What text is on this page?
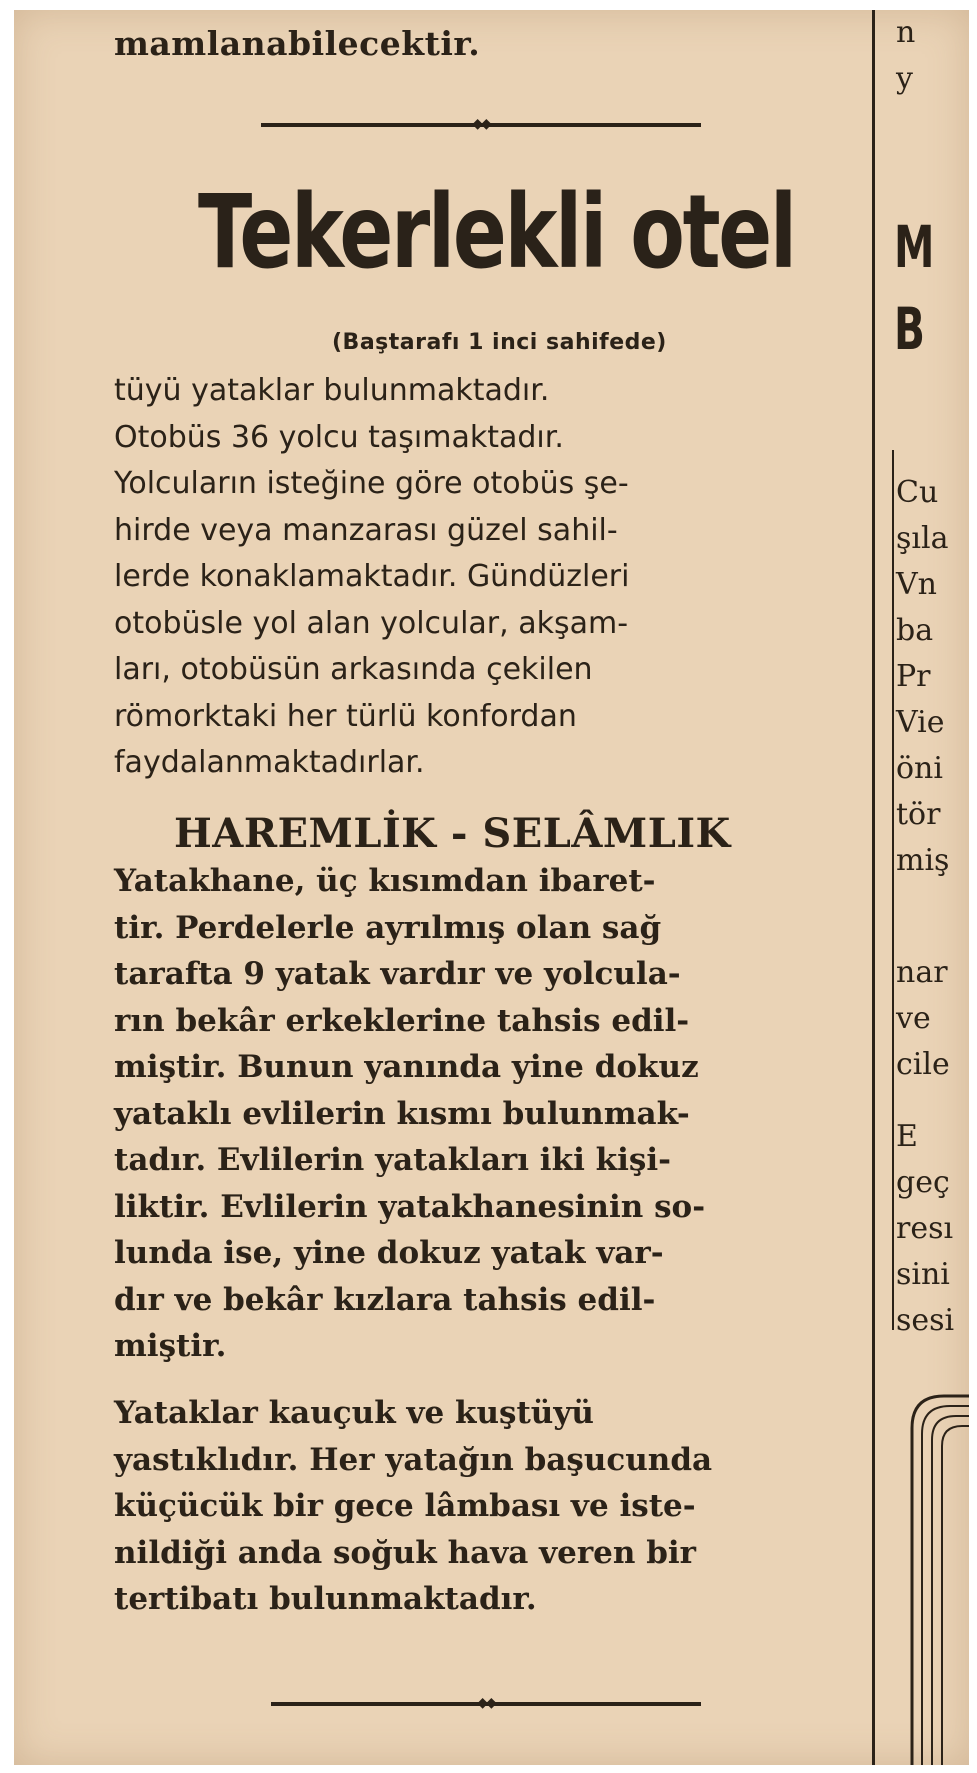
mamlanabilecektir.
◆◆
Tekerlekli otel
(Baştarafı 1 inci sahifede)
tüyü yataklar bulunmaktadır.
Otobüs 36 yolcu taşımaktadır.
Yolcuların isteğine göre otobüs şe-
hirde veya manzarası güzel sahil-
lerde konaklamaktadır. Gündüzleri
otobüsle yol alan yolcular, akşam-
ları, otobüsün arkasında çekilen
römorktaki her türlü konfordan
faydalanmaktadırlar.
HAREMLİK - SELÂMLIK
Yatakhane, üç kısımdan ibaret-
tir. Perdelerle ayrılmış olan sağ
tarafta 9 yatak vardır ve yolcula-
rın bekâr erkeklerine tahsis edil-
miştir. Bunun yanında yine dokuz
yataklı evlilerin kısmı bulunmak-
tadır. Evlilerin yatakları iki kişi-
liktir. Evlilerin yatakhanesinin so-
lunda ise, yine dokuz yatak var-
dır ve bekâr kızlara tahsis edil-
miştir.
Yataklar kauçuk ve kuştüyü
yastıklıdır. Her yatağın başucunda
küçücük bir gece lâmbası ve iste-
nildiği anda soğuk hava veren bir
tertibatı bulunmaktadır.
◆◆
n
y
M
B
Cu
şıla
Vn
ba
Pr
Vie
öni
tör
miş
nar
ve
cile
E
geç
resı
sini
sesi
